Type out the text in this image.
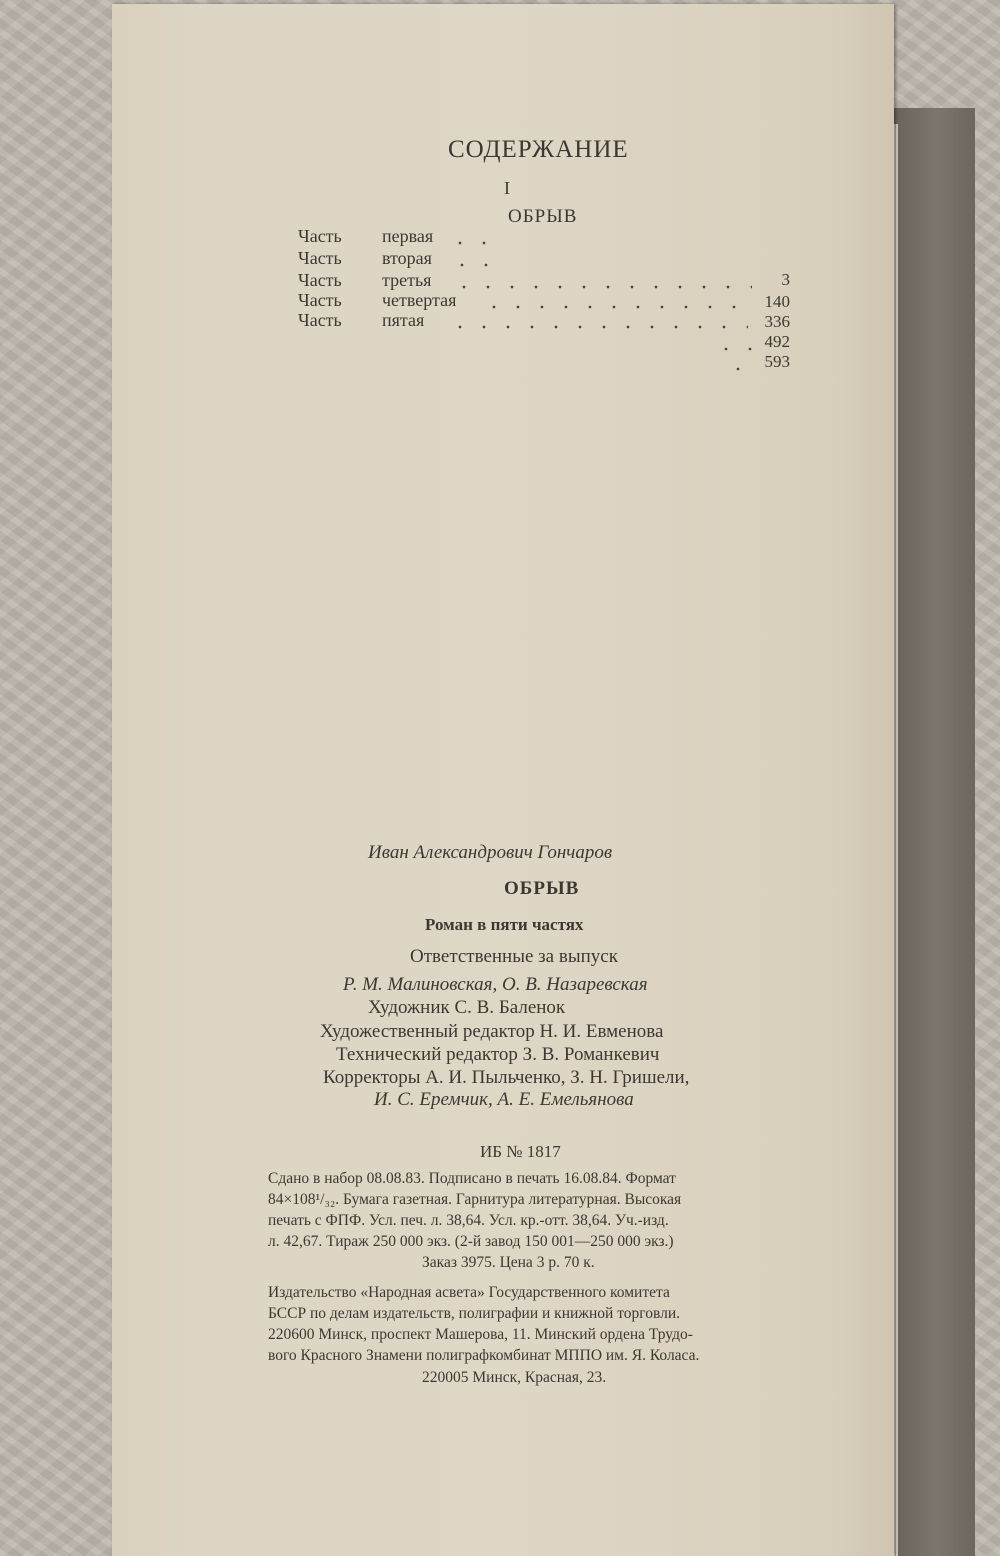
СОДЕРЖАНИЕ
I
ОБРЫВ
Часть первая
Часть вторая
Часть третья	3
Часть четвертая	140
Часть пятая	336
492
593
Иван Александрович Гончаров
ОБРЫВ
Роман в пяти частях
Ответственные за выпуск
Р. М. Малиновская, О. В. Назаревская
Художник С. В. Баленок
Художественный редактор Н. И. Евменова
Технический редактор З. В. Романкевич
Корректоры А. И. Пыльченко, З. Н. Гришели,
И. С. Еремчик, А. Е. Емельянова
ИБ № 1817
Сдано в набор 08.08.83. Подписано в печать 16.08.84. Формат
84×108¹/₃₂. Бумага газетная. Гарнитура литературная. Высокая
печать с ФПФ. Усл. печ. л. 38,64. Усл. кр.-отт. 38,64. Уч.-изд.
л. 42,67. Тираж 250 000 экз. (2-й завод 150 001—250 000 экз.)
Заказ 3975. Цена 3 р. 70 к.
Издательство «Народная асвета» Государственного комитета
БССР по делам издательств, полиграфии и книжной торговли.
220600 Минск, проспект Машерова, 11. Минский ордена Трудо-
вого Красного Знамени полиграфкомбинат МППО им. Я. Коласа.
220005 Минск, Красная, 23.
